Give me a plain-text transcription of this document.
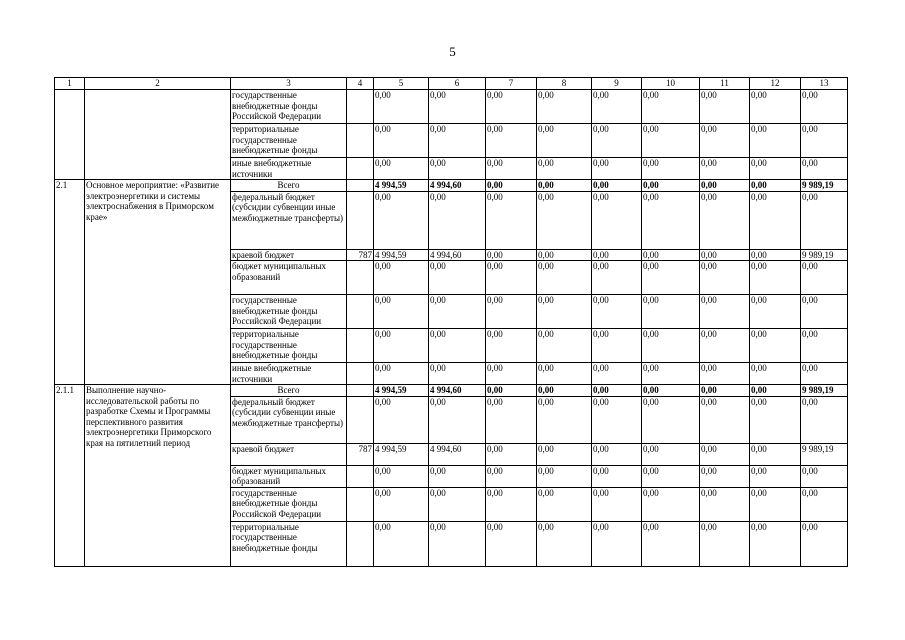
5
1	2	3	4	5	6	7	8	9	10	11	12	13
		государственные внебюджетные фонды Российской Федерации		0,00	0,00	0,00	0,00	0,00	0,00	0,00	0,00	0,00
		территориальные государственные внебюджетные фонды		0,00	0,00	0,00	0,00	0,00	0,00	0,00	0,00	0,00
		иные внебюджетные источники		0,00	0,00	0,00	0,00	0,00	0,00	0,00	0,00	0,00
2.1	Основное мероприятие: «Развитие электроэнергетики и системы электроснабжения в Приморском крае»	Всего		4 994,59	4 994,60	0,00	0,00	0,00	0,00	0,00	0,00	9 989,19
		федеральный бюджет (субсидии субвенции иные межбюджетные трансферты)		0,00	0,00	0,00	0,00	0,00	0,00	0,00	0,00	0,00
		краевой бюджет	787	4 994,59	4 994,60	0,00	0,00	0,00	0,00	0,00	0,00	9 989,19
		бюджет муниципальных образований		0,00	0,00	0,00	0,00	0,00	0,00	0,00	0,00	0,00
		государственные внебюджетные фонды Российской Федерации		0,00	0,00	0,00	0,00	0,00	0,00	0,00	0,00	0,00
		территориальные государственные внебюджетные фонды		0,00	0,00	0,00	0,00	0,00	0,00	0,00	0,00	0,00
		иные внебюджетные источники		0,00	0,00	0,00	0,00	0,00	0,00	0,00	0,00	0,00
2.1.1	Выполнение научно-исследовательской работы по разработке Схемы и Программы перспективного развития электроэнергетики Приморского края на пятилетний период	Всего		4 994,59	4 994,60	0,00	0,00	0,00	0,00	0,00	0,00	9 989,19
		федеральный бюджет (субсидии субвенции иные межбюджетные трансферты)		0,00	0,00	0,00	0,00	0,00	0,00	0,00	0,00	0,00
		краевой бюджет	787	4 994,59	4 994,60	0,00	0,00	0,00	0,00	0,00	0,00	9 989,19
		бюджет муниципальных образований		0,00	0,00	0,00	0,00	0,00	0,00	0,00	0,00	0,00
		государственные внебюджетные фонды Российской Федерации		0,00	0,00	0,00	0,00	0,00	0,00	0,00	0,00	0,00
		территориальные государственные внебюджетные фонды		0,00	0,00	0,00	0,00	0,00	0,00	0,00	0,00	0,00
